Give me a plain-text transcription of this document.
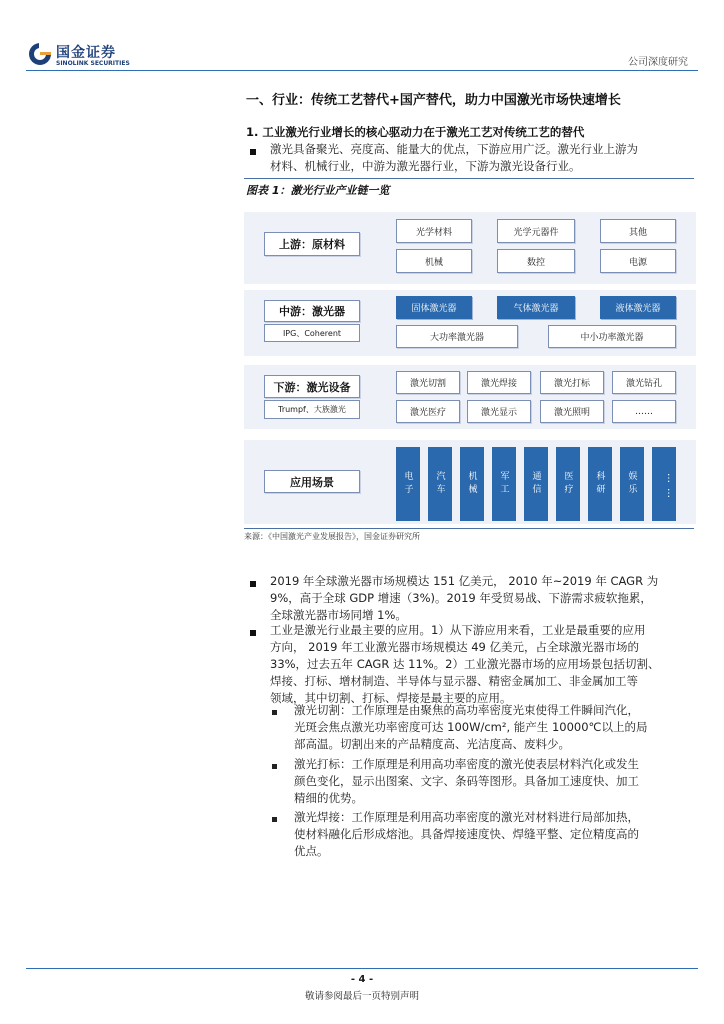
国金证券
SINOLINK SECURITIES	公司深度研究
一、行业：传统工艺替代+国产替代，助力中国激光市场快速增长
1. 工业激光行业增长的核心驱动力在于激光工艺对传统工艺的替代
激光具备聚光、亮度高、能量大的优点，下游应用广泛。激光行业上游为
材料、机械行业，中游为激光器行业，下游为激光设备行业。
图表 1：激光行业产业链一览
上游：原材料
光学材料	光学元器件	其他
机械	数控	电源
中游：激光器
IPG、Coherent
固体激光器	气体激光器	液体激光器
大功率激光器	中小功率激光器
下游：激光设备
Trumpf、大族激光
激光切割	激光焊接	激光打标	激光钻孔
激光医疗	激光显示	激光照明	……
应用场景	电子	汽车	机械	军工	通信	医疗	科研	娱乐	……
来源：《中国激光产业发展报告》，国金证券研究所
2019 年全球激光器市场规模达 151 亿美元， 2010 年~2019 年 CAGR 为
9%，高于全球 GDP 增速（3%)。2019 年受贸易战、下游需求疲软拖累，
全球激光器市场同增 1%。
工业是激光行业最主要的应用。1）从下游应用来看，工业是最重要的应用
方向， 2019 年工业激光器市场规模达 49 亿美元，占全球激光器市场的
33%，过去五年 CAGR 达 11%。2）工业激光器市场的应用场景包括切割、
焊接、打标、增材制造、半导体与显示器、精密金属加工、非金属加工等
领域，其中切割、打标、焊接是最主要的应用。
激光切割：工作原理是由聚焦的高功率密度光束使得工件瞬间汽化，
光斑会焦点激光功率密度可达 100W/cm², 能产生 10000℃以上的局
部高温。切割出来的产品精度高、光洁度高、废料少。
激光打标：工作原理是利用高功率密度的激光使表层材料汽化或发生
颜色变化，显示出图案、文字、条码等图形。具备加工速度快、加工
精细的优势。
激光焊接：工作原理是利用高功率密度的激光对材料进行局部加热，
使材料融化后形成熔池。具备焊接速度快、焊缝平整、定位精度高的
优点。
- 4 -
敬请参阅最后一页特别声明
